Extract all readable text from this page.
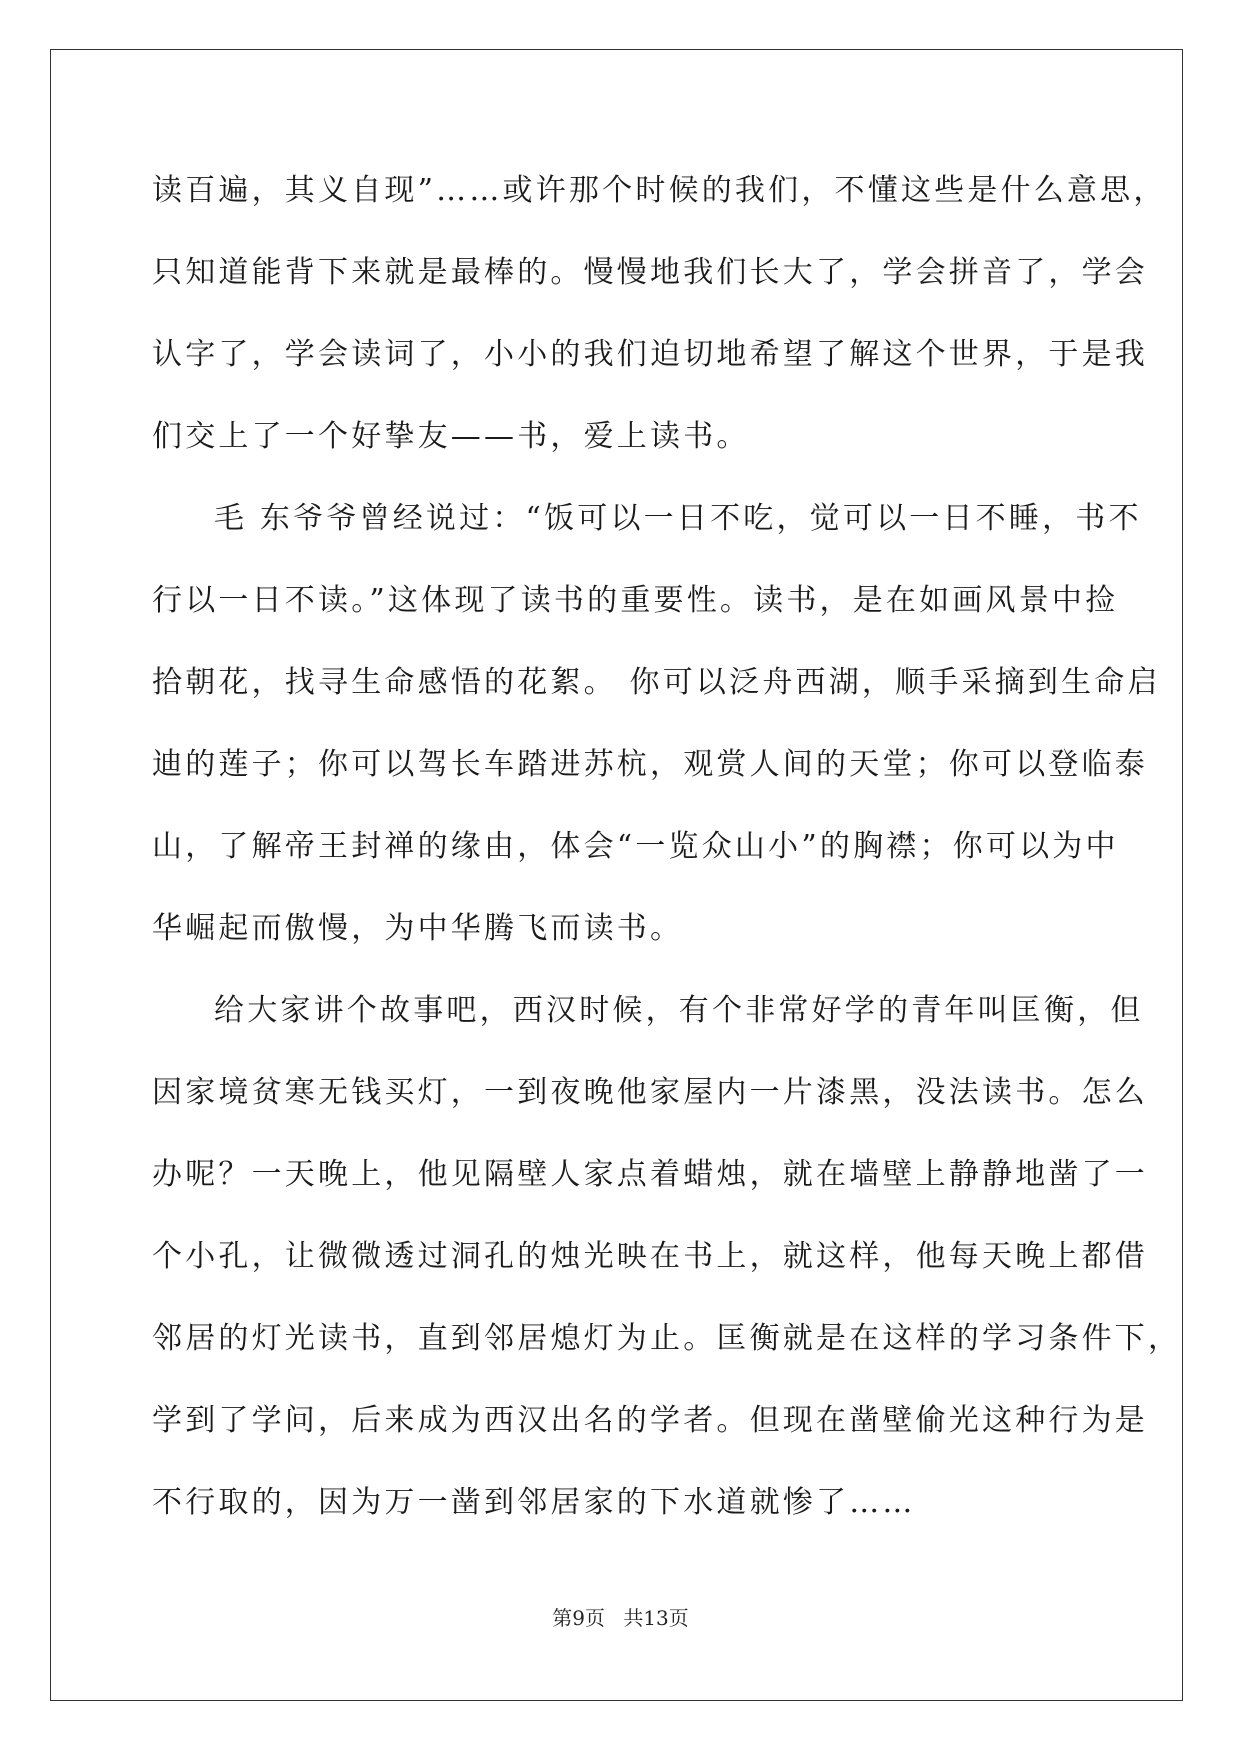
读百遍，其义自现”……或许那个时候的我们，不懂这些是什么意思，
只知道能背下来就是最棒的。慢慢地我们长大了，学会拼音了，学会
认字了，学会读词了，小小的我们迫切地希望了解这个世界，于是我
们交上了一个好挚友——书，爱上读书。
毛 东爷爷曾经说过：“饭可以一日不吃，觉可以一日不睡，书不
行以一日不读。”这体现了读书的重要性。读书，是在如画风景中捡
拾朝花，找寻生命感悟的花絮。 你可以泛舟西湖，顺手采摘到生命启
迪的莲子；你可以驾长车踏进苏杭，观赏人间的天堂；你可以登临泰
山，了解帝王封禅的缘由，体会“一览众山小”的胸襟；你可以为中
华崛起而傲慢，为中华腾飞而读书。
给大家讲个故事吧，西汉时候，有个非常好学的青年叫匡衡，但
因家境贫寒无钱买灯，一到夜晚他家屋内一片漆黑，没法读书。怎么
办呢？一天晚上，他见隔壁人家点着蜡烛，就在墙壁上静静地凿了一
个小孔，让微微透过洞孔的烛光映在书上，就这样，他每天晚上都借
邻居的灯光读书，直到邻居熄灯为止。匡衡就是在这样的学习条件下，
学到了学问，后来成为西汉出名的学者。但现在凿壁偷光这种行为是
不行取的，因为万一凿到邻居家的下水道就惨了……
第9页 共13页
